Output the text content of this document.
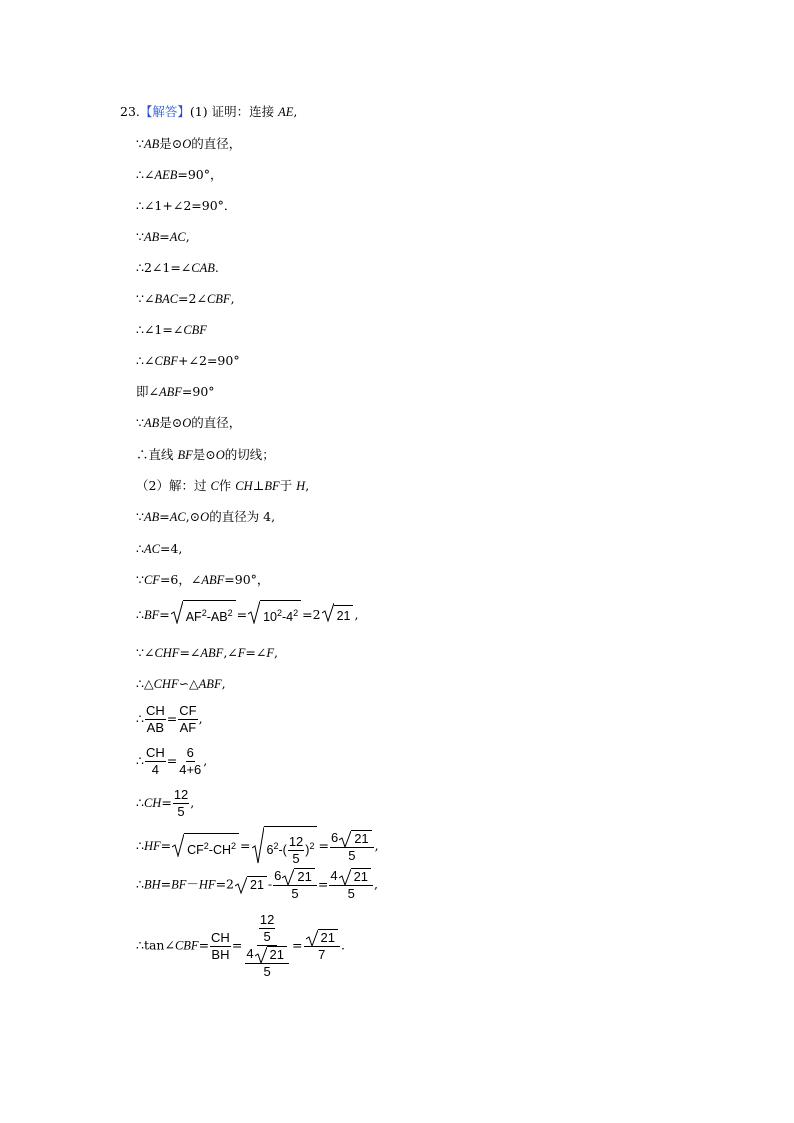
23.【解答】(1) 证明：连接 AE,
∵AB是⊙O的直径，
∴∠AEB=90°，
∴∠1+∠2=90°．
∵AB=AC,
∴2∠1=∠CAB.
∵∠BAC=2∠CBF,
∴∠1=∠CBF
∴∠CBF+∠2=90°
即∠ABF=90°
∵AB是⊙O的直径，
∴直线 BF是⊙O的切线；
（2）解：过 C作 CH⊥BF于 H,
∵AB=AC,⊙O的直径为 4,
∴AC=4,
∵CF=6，∠ABF=90°，
∴BF= $AF^2-AB^2 = 10^2-4^2 =2$ 21 ,
∵∠CHF=∠ABF,∠F=∠F,
∴△CHF∽△ABF,
∴ $\frac{CH}{AB} = \frac{CF}{AF}$ ,
∴ $\frac{CH}{4} = \frac{6}{4+6}$ ,
∴CH= $\frac{12}{5}$ ,
∴HF= $CF^2-CH^2 = 6^2-( \frac{12}{5} )^2 = \frac{6 21}{5}$ ,
∴BH=BF－HF=2 $21 - \frac{6 21}{5} = \frac{4 21}{5}$ ,
∴tan∠CBF= $\frac{CH}{BH} = \frac{\frac{12}{5}}{\frac{4 21}{5}} = \frac{21}{7}$ .
